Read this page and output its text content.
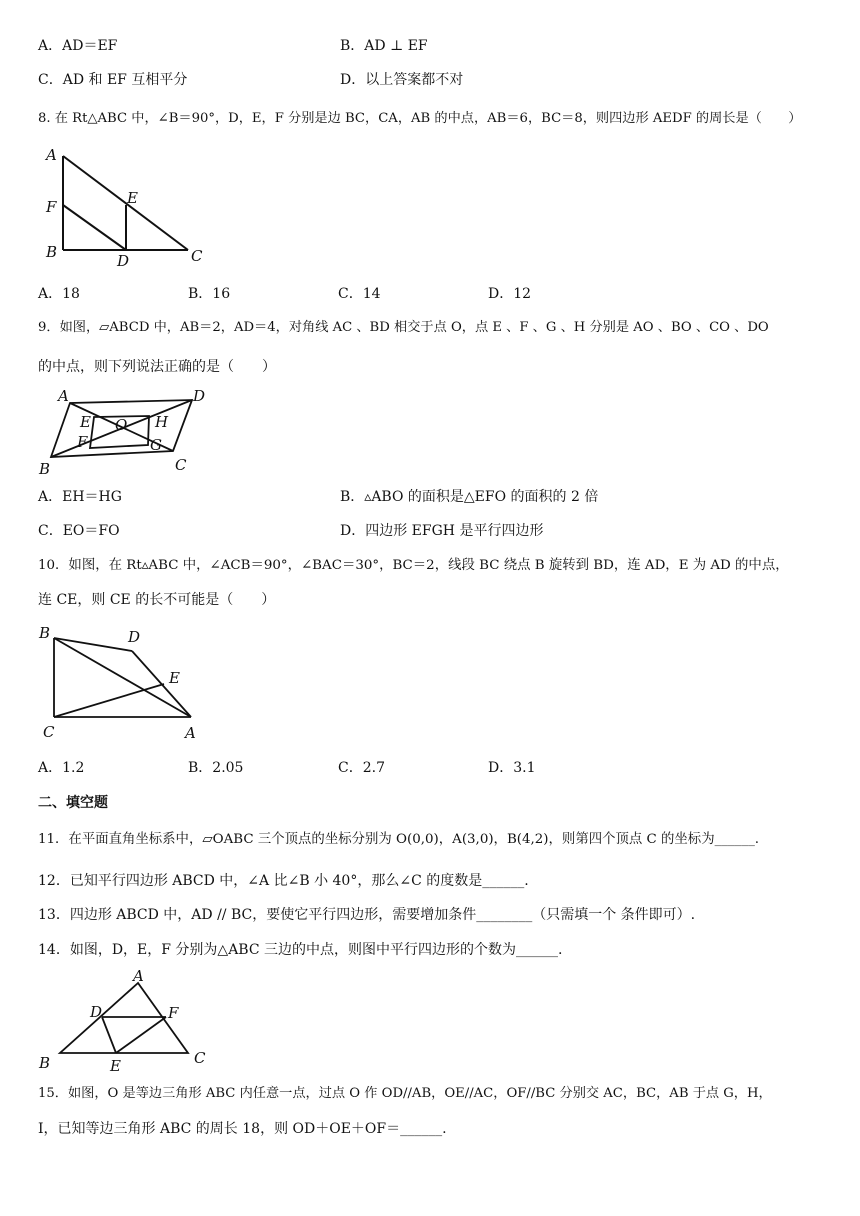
A．AD＝EF	B．AD ⊥ EF
C．AD 和 EF 互相平分	D．以上答案都不对
8. 在 Rt△ABC 中，∠B＝90°，D，E，F 分别是边 BC，CA，AB 的中点，AB＝6，BC＝8，则四边形 AEDF 的周长是（　　）
A
E
F
B	D	C
A．18	B．16	C．14	D．12
9．如图，▱ABCD 中，AB＝2，AD＝4，对角线 AC 、BD 相交于点 O，点 E 、F 、G 、H 分别是 AO 、BO 、CO 、DO
的中点，则下列说法正确的是（　　）
A	D
E O H
F	G
B	C
A．EH＝HG	B．▵ABO 的面积是△EFO 的面积的 2 倍
C．EO＝FO	D．四边形 EFGH 是平行四边形
10．如图，在 Rt▵ABC 中，∠ACB＝90°，∠BAC＝30°，BC＝2，线段 BC 绕点 B 旋转到 BD，连 AD，E 为 AD 的中点，
连 CE，则 CE 的长不可能是（　　）
B	D
E
C	A
A．1.2	B．2.05	C．2.7	D．3.1
二、填空题
11．在平面直角坐标系中，▱OABC 三个顶点的坐标分别为 O(0,0)，A(3,0)，B(4,2)，则第四个顶点 C 的坐标为______.
12．已知平行四边形 ABCD 中，∠A 比∠B 小 40°，那么∠C 的度数是______.
13．四边形 ABCD 中，AD // BC，要使它平行四边形，需要增加条件________（只需填一个 条件即可）.
14．如图，D，E，F 分别为△ABC 三边的中点，则图中平行四边形的个数为______.
A
D	F
B	E	C
15．如图，O 是等边三角形 ABC 内任意一点，过点 O 作 OD//AB，OE//AC，OF//BC 分别交 AC，BC，AB 于点 G，H，
I，已知等边三角形 ABC 的周长 18，则 OD＋OE＋OF＝______.
